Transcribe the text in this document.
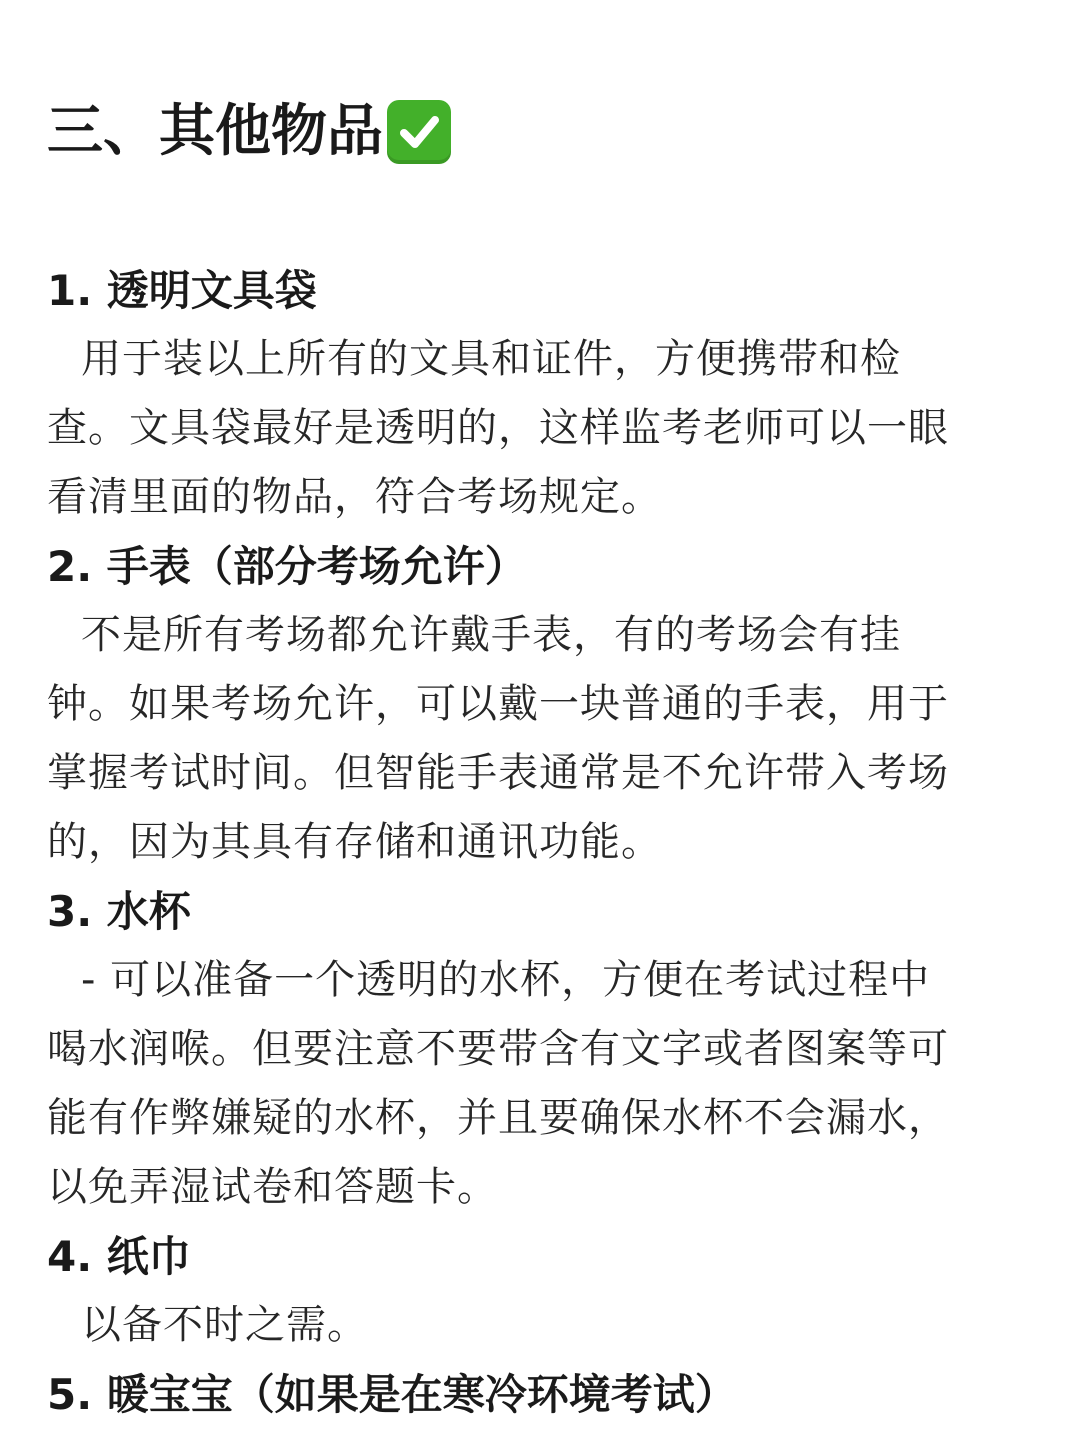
三、其他物品
1. 透明文具袋
用于装以上所有的文具和证件，方便携带和检
查。文具袋最好是透明的，这样监考老师可以一眼
看清里面的物品，符合考场规定。
2. 手表（部分考场允许）
不是所有考场都允许戴手表，有的考场会有挂
钟。如果考场允许，可以戴一块普通的手表，用于
掌握考试时间。但智能手表通常是不允许带入考场
的，因为其具有存储和通讯功能。
3. 水杯
- 可以准备一个透明的水杯，方便在考试过程中
喝水润喉。但要注意不要带含有文字或者图案等可
能有作弊嫌疑的水杯，并且要确保水杯不会漏水，
以免弄湿试卷和答题卡。
4. 纸巾
以备不时之需。
5. 暖宝宝（如果是在寒冷环境考试）
